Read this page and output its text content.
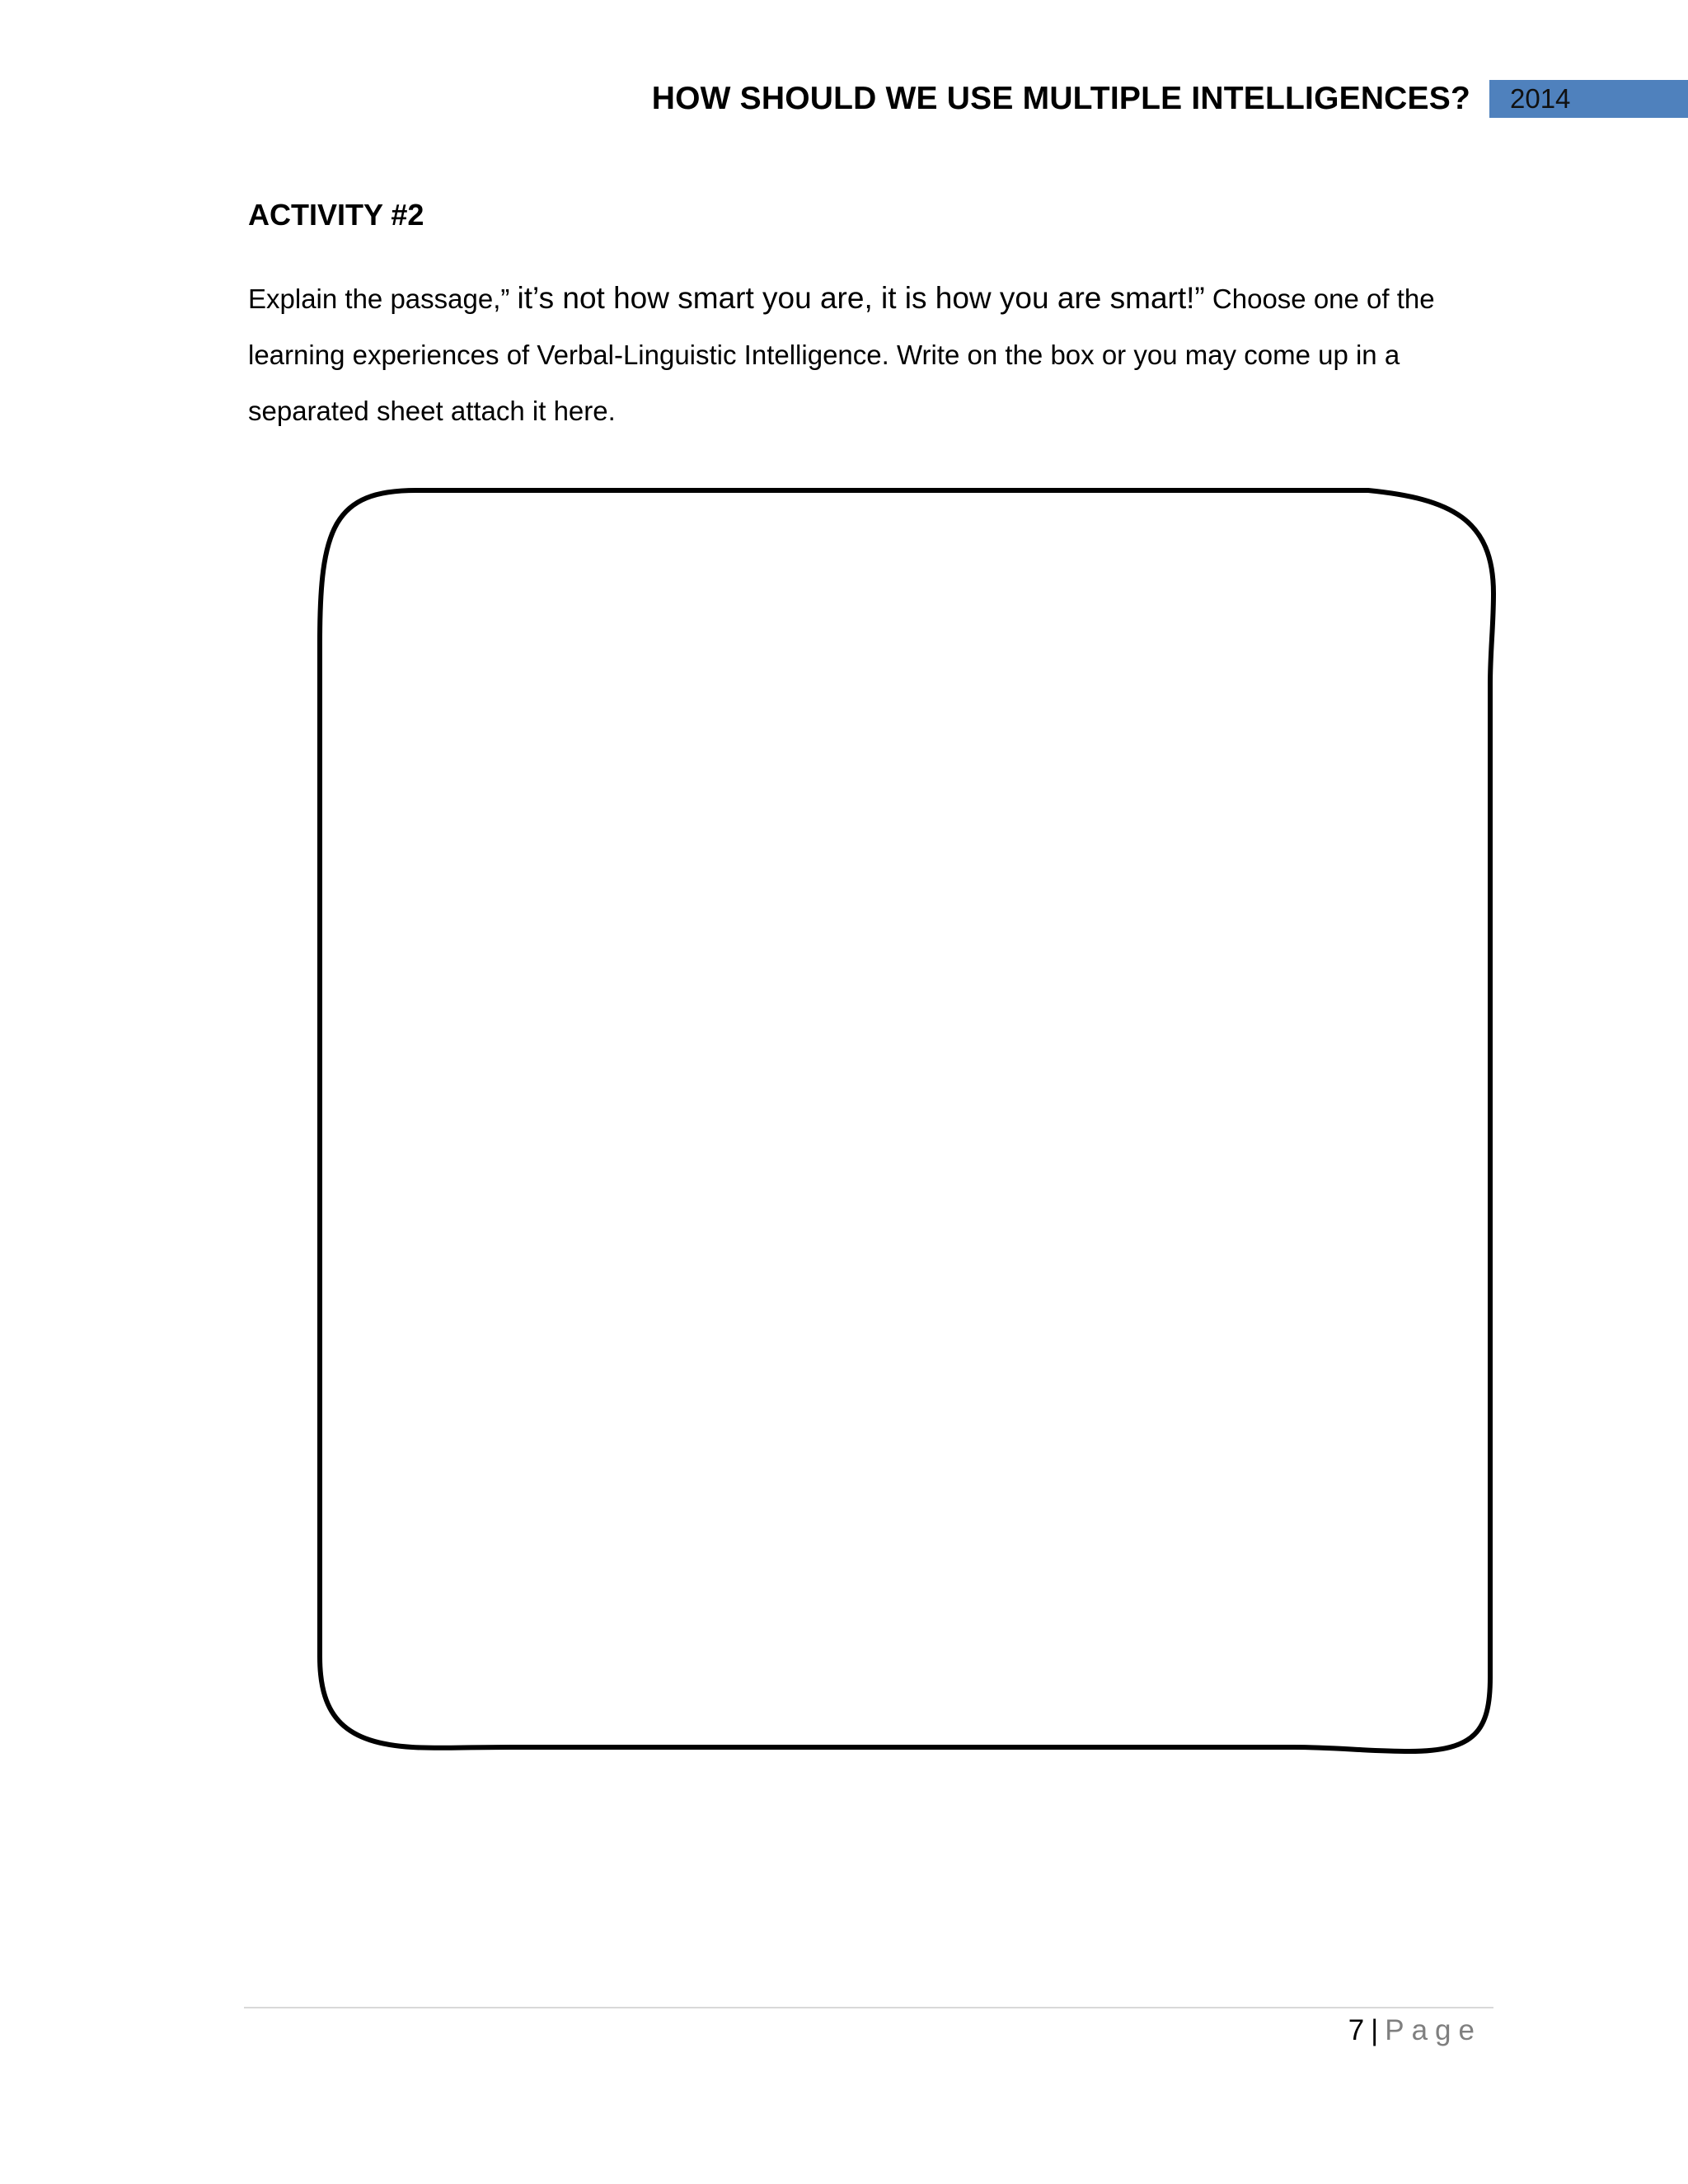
HOW SHOULD WE USE MULTIPLE INTELLIGENCES?	2014
ACTIVITY #2
Explain the passage,” it’s not how smart you are, it is how you are smart!” Choose one of the learning experiences of Verbal-Linguistic Intelligence. Write on the box or you may come up in a separated sheet attach it here.
7 | Page
